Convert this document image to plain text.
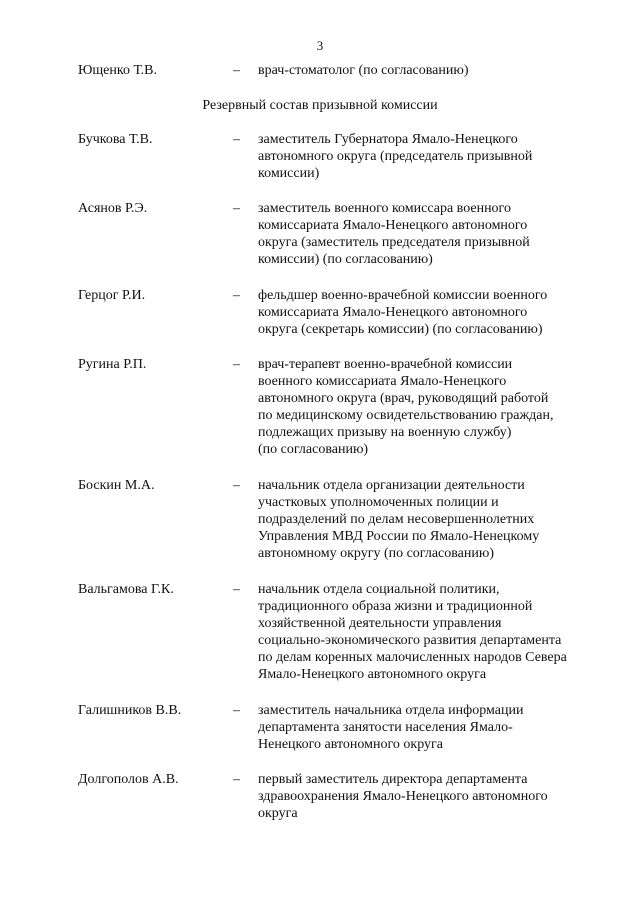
3
Ющенко Т.В.	– врач-стоматолог (по согласованию)
Резервный состав призывной комиссии
Бучкова Т.В.	– заместитель Губернатора Ямало-Ненецкого
автономного округа (председатель призывной
комиссии)
Асянов Р.Э.	– заместитель военного комиссара военного
комиссариата Ямало-Ненецкого автономного
округа (заместитель председателя призывной
комиссии) (по согласованию)
Герцог Р.И.	– фельдшер военно-врачебной комиссии военного
комиссариата Ямало-Ненецкого автономного
округа (секретарь комиссии) (по согласованию)
Ругина Р.П.	– врач-терапевт военно-врачебной комиссии
военного комиссариата Ямало-Ненецкого
автономного округа (врач, руководящий работой
по медицинскому освидетельствованию граждан,
подлежащих призыву на военную службу)
(по согласованию)
Боскин М.А.	– начальник отдела организации деятельности
участковых уполномоченных полиции и
подразделений по делам несовершеннолетних
Управления МВД России по Ямало-Ненецкому
автономному округу (по согласованию)
Вальгамова Г.К.	– начальник отдела социальной политики,
традиционного образа жизни и традиционной
хозяйственной деятельности управления
социально-экономического развития департамента
по делам коренных малочисленных народов Севера
Ямало-Ненецкого автономного округа
Галишников В.В.	– заместитель начальника отдела информации
департамента занятости населения Ямало-
Ненецкого автономного округа
Долгополов А.В.	– первый заместитель директора департамента
здравоохранения Ямало-Ненецкого автономного
округа
